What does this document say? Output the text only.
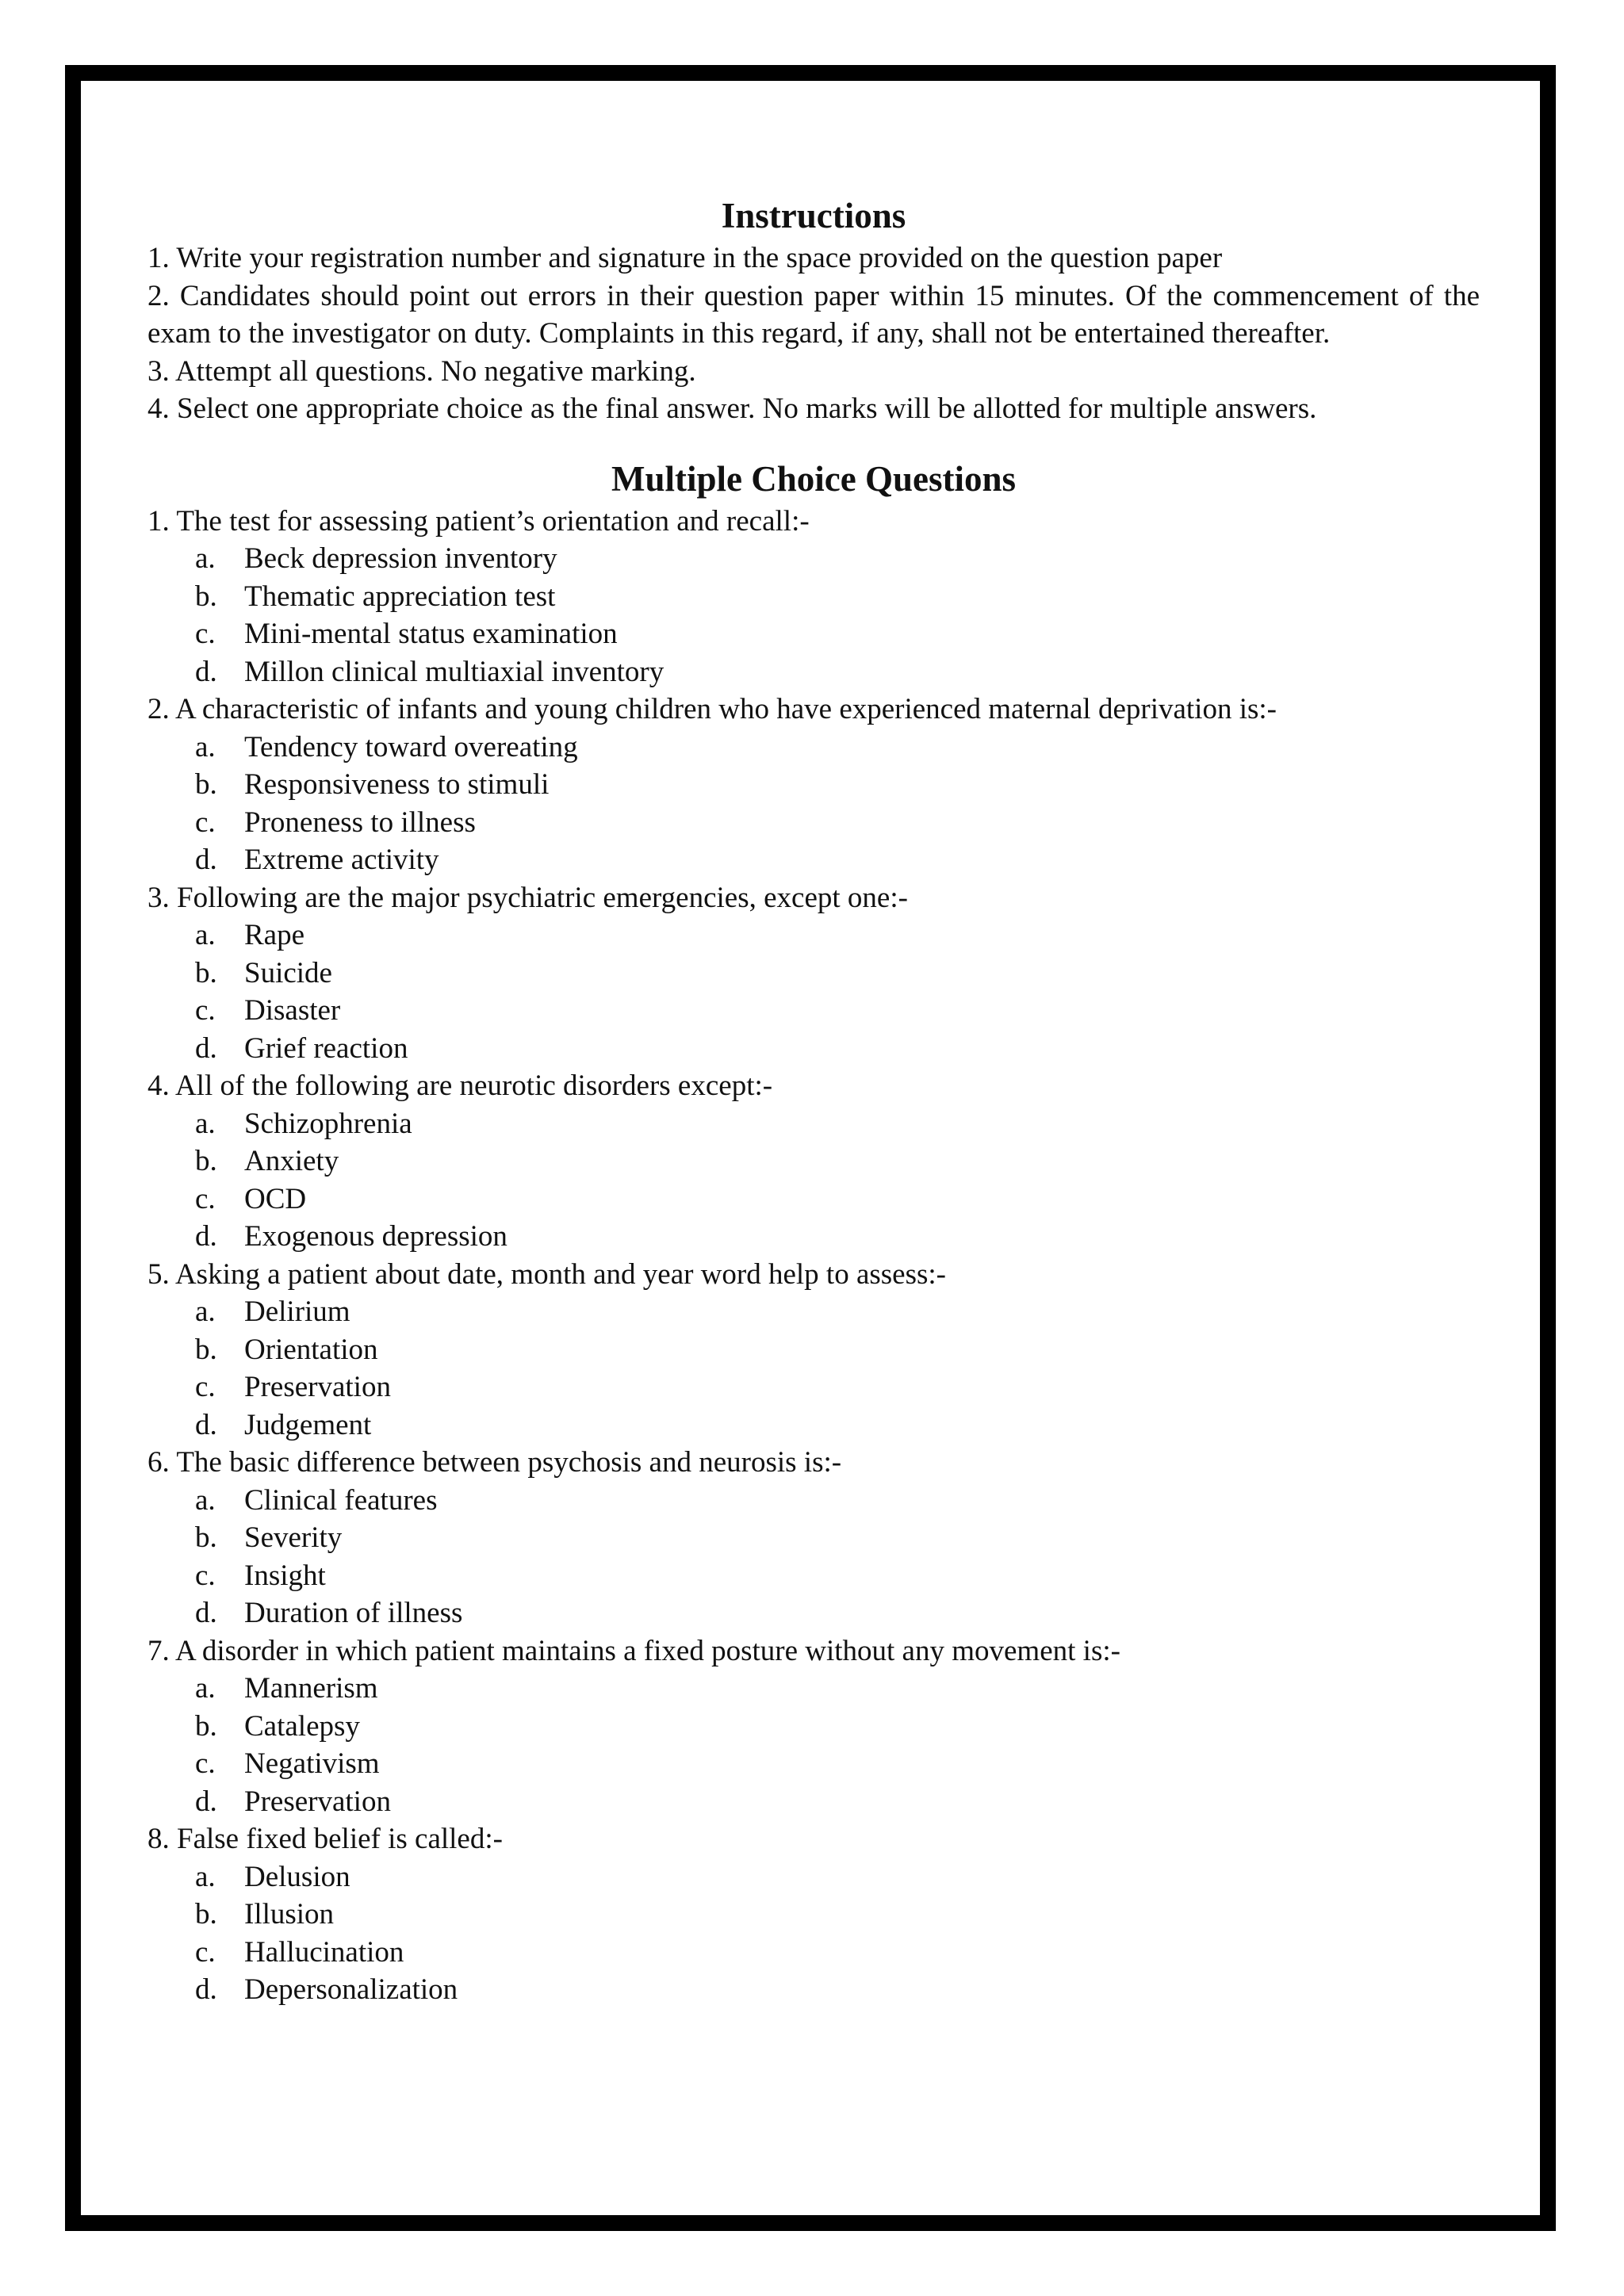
Instructions

1. Write your registration number and signature in the space provided on the question paper

2. Candidates should point out errors in their question paper within 15 minutes. Of the commencement of the exam to the investigator on duty. Complaints in this regard, if any, shall not be entertained thereafter.

3. Attempt all questions. No negative marking.

4. Select one appropriate choice as the final answer. No marks will be allotted for multiple answers.

Multiple Choice Questions

1. The test for assessing patient’s orientation and recall:-

a. Beck depression inventory
b. Thematic appreciation test
c. Mini-mental status examination
d. Millon clinical multiaxial inventory

2. A characteristic of infants and young children who have experienced maternal deprivation is:-

a. Tendency toward overeating
b. Responsiveness to stimuli
c. Proneness to illness
d. Extreme activity

3. Following are the major psychiatric emergencies, except one:-

a. Rape
b. Suicide
c. Disaster
d. Grief reaction

4. All of the following are neurotic disorders except:-

a. Schizophrenia
b. Anxiety
c. OCD
d. Exogenous depression

5. Asking a patient about date, month and year word help to assess:-

a. Delirium
b. Orientation
c. Preservation
d. Judgement

6. The basic difference between psychosis and neurosis is:-

a. Clinical features
b. Severity
c. Insight
d. Duration of illness

7. A disorder in which patient maintains a fixed posture without any movement is:-

a. Mannerism
b. Catalepsy
c. Negativism
d. Preservation

8. False fixed belief is called:-

a. Delusion
b. Illusion
c. Hallucination
d. Depersonalization
